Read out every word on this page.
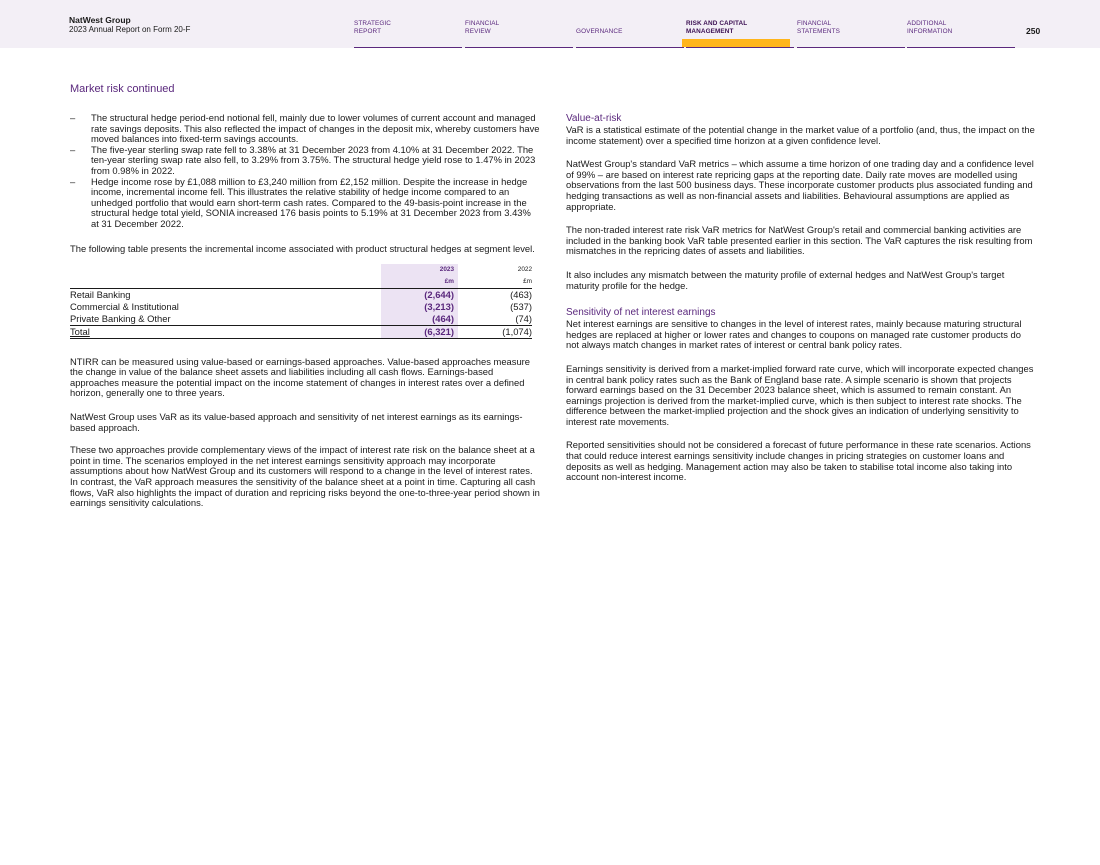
NatWest Group
2023 Annual Report on Form 20-F
STRATEGIC
REPORT
FINANCIAL
REVIEW	GOVERNANCE
RISK AND CAPITAL
MANAGEMENT
FINANCIAL
STATEMENTS
ADDITIONAL
INFORMATION	250
Market risk continued
– The structural hedge period-end notional fell, mainly due to lower volumes of current account and managed rate savings deposits. This also reflected the impact of changes in the deposit mix, whereby customers have moved balances into fixed-term savings accounts.
– The five-year sterling swap rate fell to 3.38% at 31 December 2023 from 4.10% at 31 December 2022. The ten-year sterling swap rate also fell, to 3.29% from 3.75%. The structural hedge yield rose to 1.47% in 2023 from 0.98% in 2022.
– Hedge income rose by £1,088 million to £3,240 million from £2,152 million. Despite the increase in hedge income, incremental income fell. This illustrates the relative stability of hedge income compared to an unhedged portfolio that would earn short-term cash rates. Compared to the 49-basis-point increase in the structural hedge total yield, SONIA increased 176 basis points to 5.19% at 31 December 2023 from 3.43% at 31 December 2022.

The following table presents the incremental income associated with product structural hedges at segment level.

	2023	2022
	£m	£m
Retail Banking	(2,644)	(463)
Commercial & Institutional	(3,213)	(537)
Private Banking & Other	(464)	(74)
Total	(6,321)	(1,074)

NTIRR can be measured using value-based or earnings-based approaches. Value-based approaches measure the change in value of the balance sheet assets and liabilities including all cash flows. Earnings-based approaches measure the potential impact on the income statement of changes in interest rates over a defined horizon, generally one to three years.

NatWest Group uses VaR as its value-based approach and sensitivity of net interest earnings as its earnings-based approach.

These two approaches provide complementary views of the impact of interest rate risk on the balance sheet at a point in time. The scenarios employed in the net interest earnings sensitivity approach may incorporate assumptions about how NatWest Group and its customers will respond to a change in the level of interest rates. In contrast, the VaR approach measures the sensitivity of the balance sheet at a point in time. Capturing all cash flows, VaR also highlights the impact of duration and repricing risks beyond the one-to-three-year period shown in earnings sensitivity calculations.

Value-at-risk

VaR is a statistical estimate of the potential change in the market value of a portfolio (and, thus, the impact on the income statement) over a specified time horizon at a given confidence level.

NatWest Group's standard VaR metrics – which assume a time horizon of one trading day and a confidence level of 99% – are based on interest rate repricing gaps at the reporting date. Daily rate moves are modelled using observations from the last 500 business days. These incorporate customer products plus associated funding and hedging transactions as well as non-financial assets and liabilities. Behavioural assumptions are applied as appropriate.

The non-traded interest rate risk VaR metrics for NatWest Group's retail and commercial banking activities are included in the banking book VaR table presented earlier in this section. The VaR captures the risk resulting from mismatches in the repricing dates of assets and liabilities.

It also includes any mismatch between the maturity profile of external hedges and NatWest Group's target maturity profile for the hedge.

Sensitivity of net interest earnings

Net interest earnings are sensitive to changes in the level of interest rates, mainly because maturing structural hedges are replaced at higher or lower rates and changes to coupons on managed rate customer products do not always match changes in market rates of interest or central bank policy rates.

Earnings sensitivity is derived from a market-implied forward rate curve, which will incorporate expected changes in central bank policy rates such as the Bank of England base rate. A simple scenario is shown that projects forward earnings based on the 31 December 2023 balance sheet, which is assumed to remain constant. An earnings projection is derived from the market-implied curve, which is then subject to interest rate shocks. The difference between the market-implied projection and the shock gives an indication of underlying sensitivity to interest rate movements.

Reported sensitivities should not be considered a forecast of future performance in these rate scenarios. Actions that could reduce interest earnings sensitivity include changes in pricing strategies on customer loans and deposits as well as hedging. Management action may also be taken to stabilise total income also taking into account non-interest income.
